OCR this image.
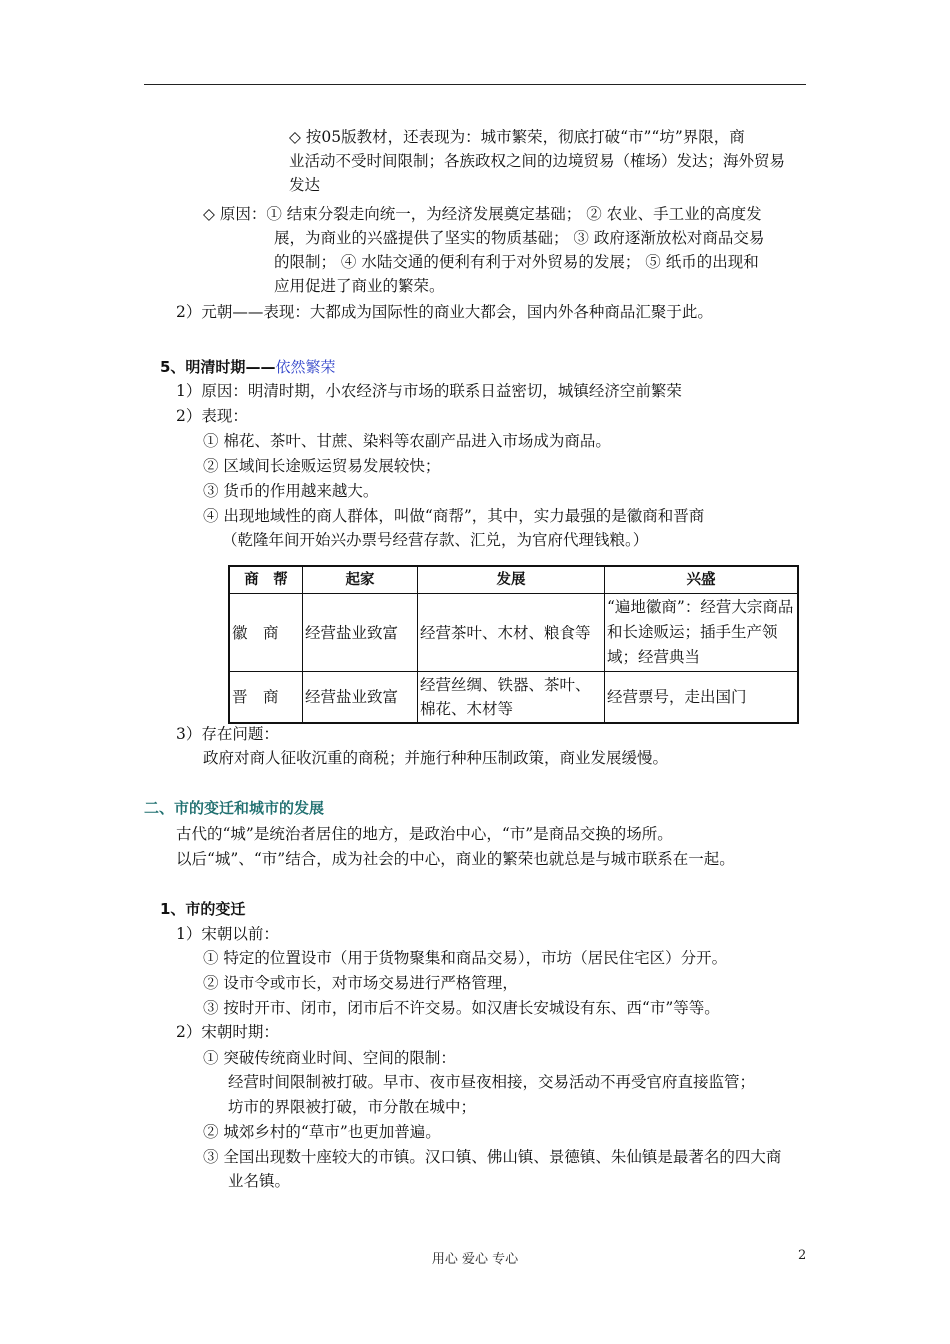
◇ 按05版教材，还表现为：城市繁荣，彻底打破“市”“坊”界限，商
业活动不受时间限制；各族政权之间的边境贸易（榷场）发达；海外贸易
发达
◇ 原因：① 结束分裂走向统一，为经济发展奠定基础； ② 农业、手工业的高度发
展，为商业的兴盛提供了坚实的物质基础； ③ 政府逐渐放松对商品交易
的限制； ④ 水陆交通的便利有利于对外贸易的发展； ⑤ 纸币的出现和
应用促进了商业的繁荣。
2）元朝——表现：大都成为国际性的商业大都会，国内外各种商品汇聚于此。
5、明清时期——依然繁荣
1）原因：明清时期，小农经济与市场的联系日益密切，城镇经济空前繁荣
2）表现：
① 棉花、茶叶、甘蔗、染料等农副产品进入市场成为商品。
② 区域间长途贩运贸易发展较快；
③ 货币的作用越来越大。
④ 出现地域性的商人群体，叫做“商帮”，其中，实力最强的是徽商和晋商
（乾隆年间开始兴办票号经营存款、汇兑，为官府代理钱粮。）
商　帮	起家	发展	兴盛
徽　商	经营盐业致富	经营茶叶、木材、粮食等	“遍地徽商”：经营大宗商品和长途贩运；插手生产领域；经营典当
晋　商	经营盐业致富	经营丝绸、铁器、茶叶、棉花、木材等	经营票号，走出国门
3）存在问题：
政府对商人征收沉重的商税；并施行种种压制政策，商业发展缓慢。
二、市的变迁和城市的发展
古代的“城”是统治者居住的地方，是政治中心，“市”是商品交换的场所。
以后“城”、“市”结合，成为社会的中心，商业的繁荣也就总是与城市联系在一起。
1、市的变迁
1）宋朝以前：
① 特定的位置设市（用于货物聚集和商品交易），市坊（居民住宅区）分开。
② 设市令或市长，对市场交易进行严格管理，
③ 按时开市、闭市，闭市后不许交易。如汉唐长安城设有东、西“市”等等。
2）宋朝时期：
① 突破传统商业时间、空间的限制：
经营时间限制被打破。早市、夜市昼夜相接，交易活动不再受官府直接监管；
坊市的界限被打破，市分散在城中；
② 城郊乡村的“草市”也更加普遍。
③ 全国出现数十座较大的市镇。汉口镇、佛山镇、景德镇、朱仙镇是最著名的四大商
业名镇。
用心 爱心 专心	2
